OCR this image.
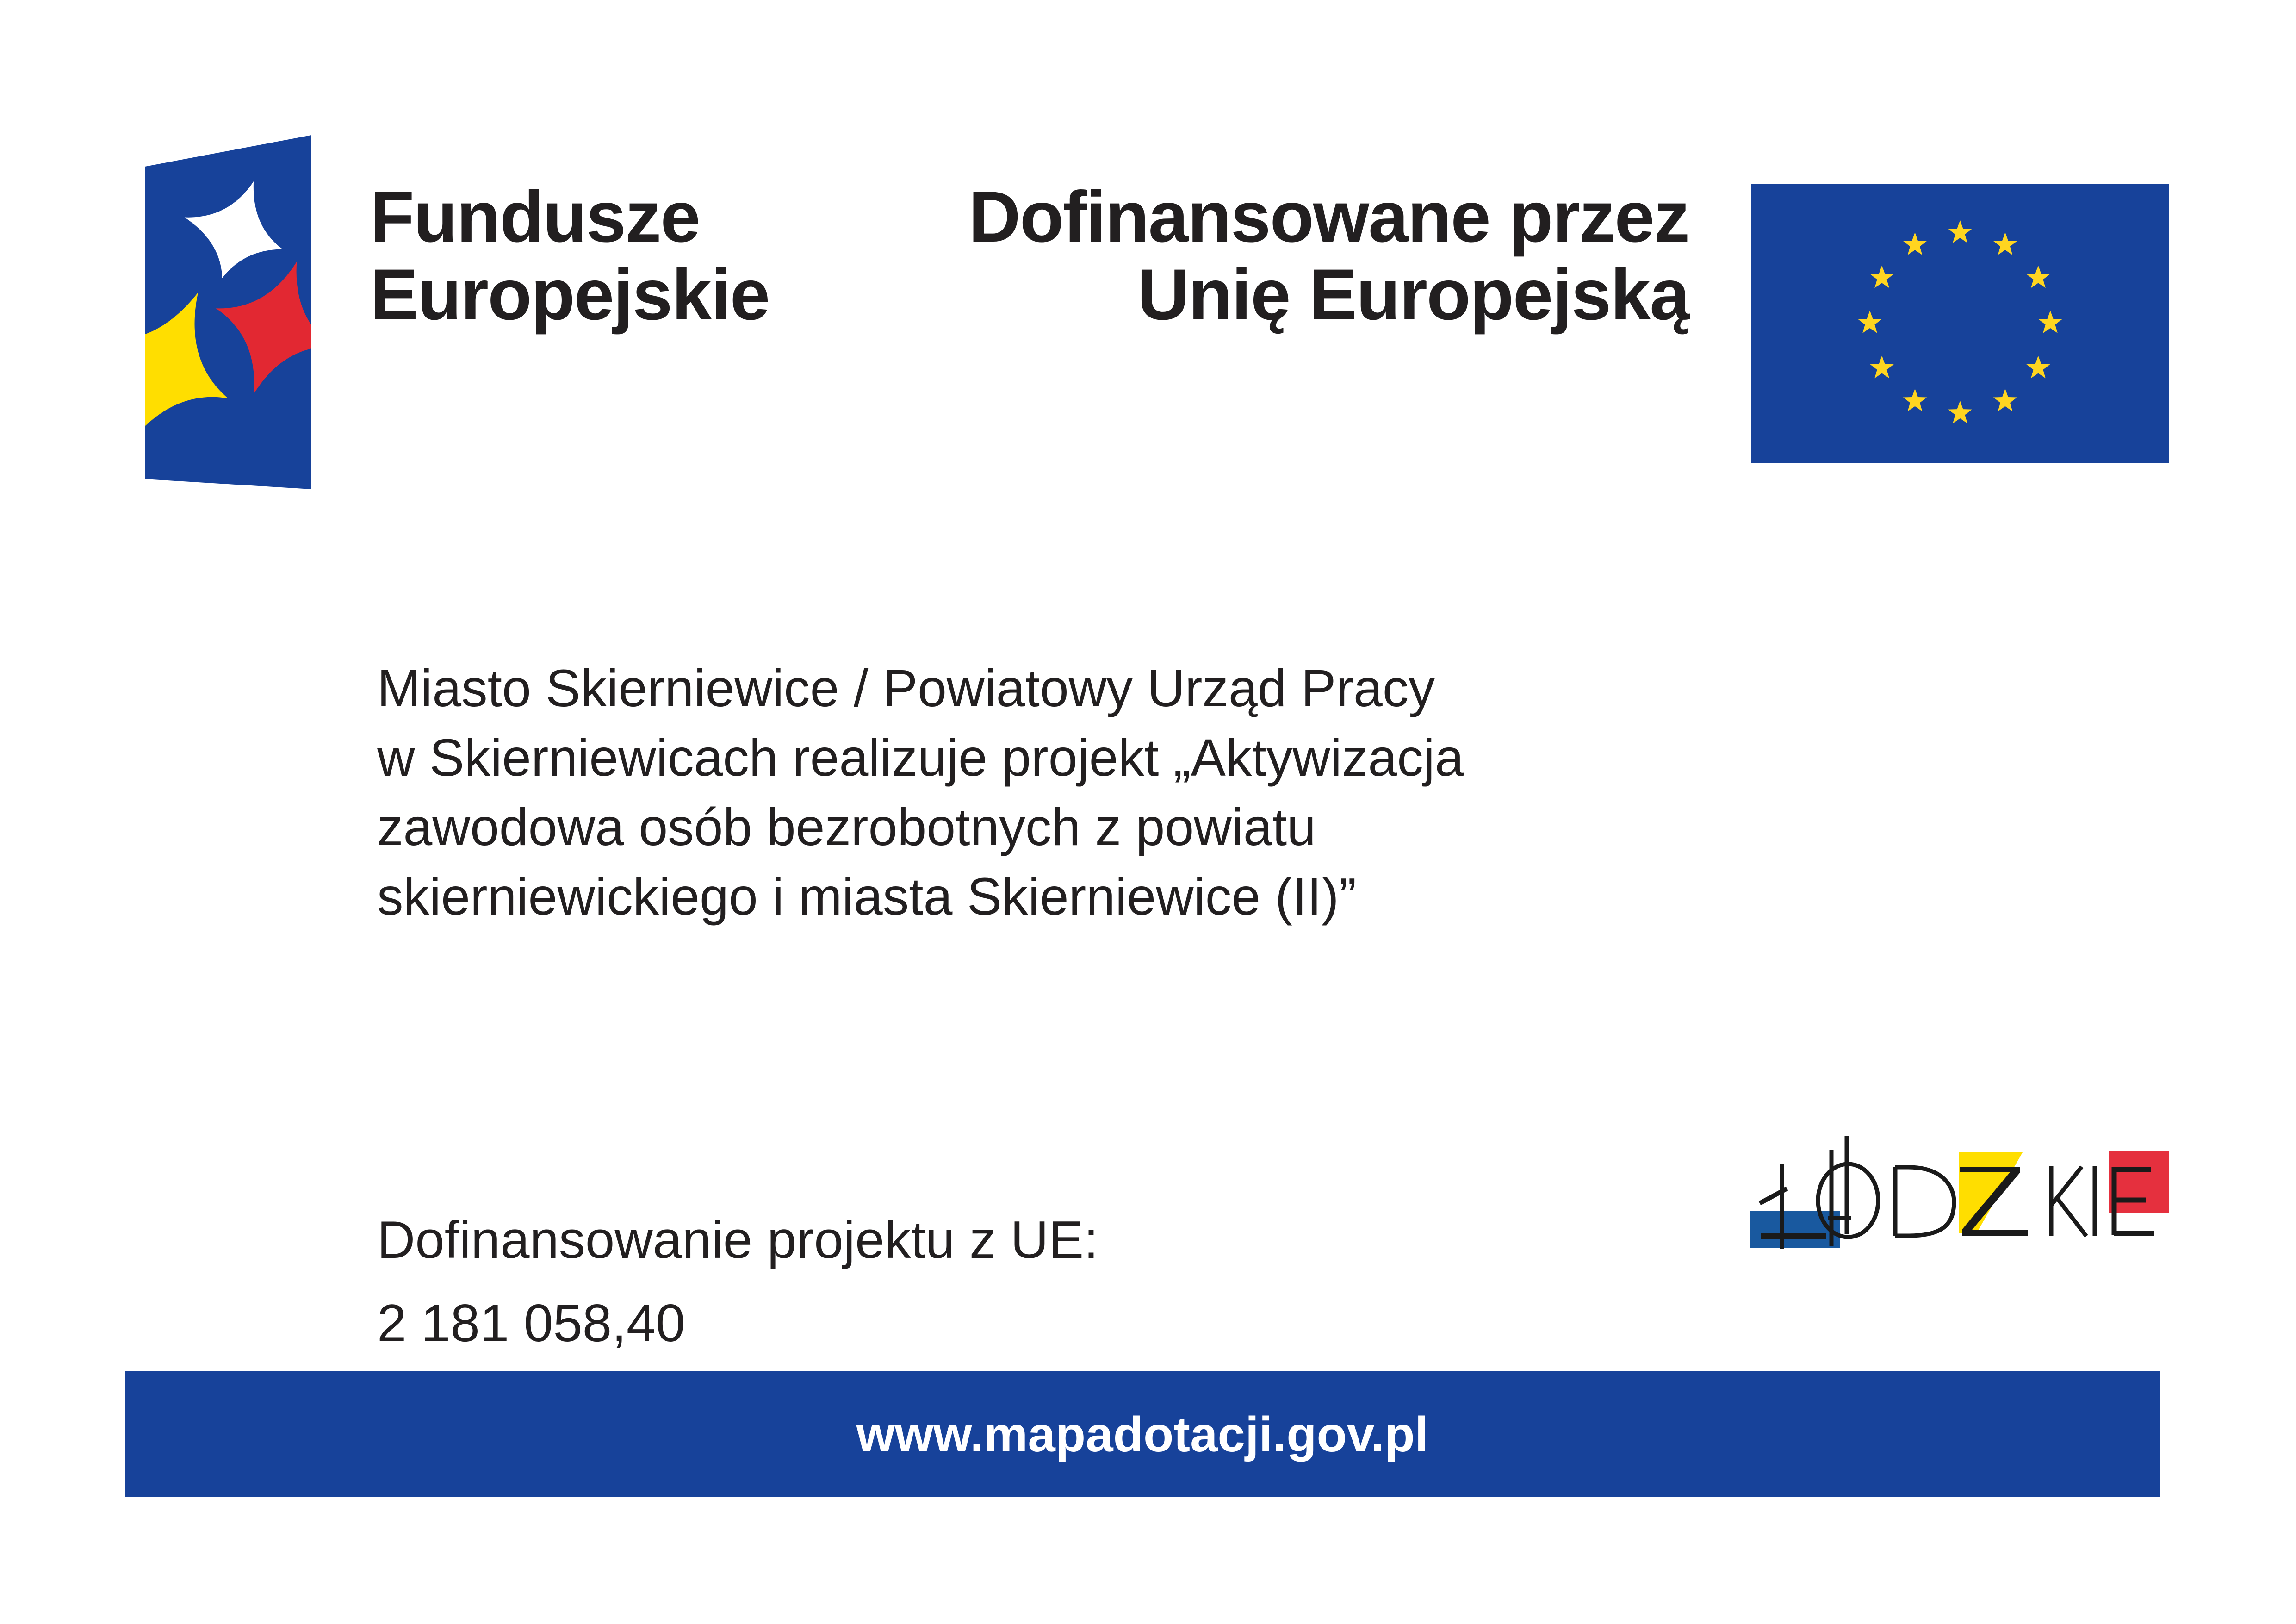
Fundusze
Europejskie
Dofinansowane przez
Unię Europejską
Miasto Skierniewice / Powiatowy Urząd Pracy
w Skierniewicach realizuje projekt „Aktywizacja
zawodowa osób bezrobotnych z powiatu
skierniewickiego i miasta Skierniewice (II)”
Dofinansowanie projektu z UE:
2 181 058,40
www.mapadotacji.gov.pl
